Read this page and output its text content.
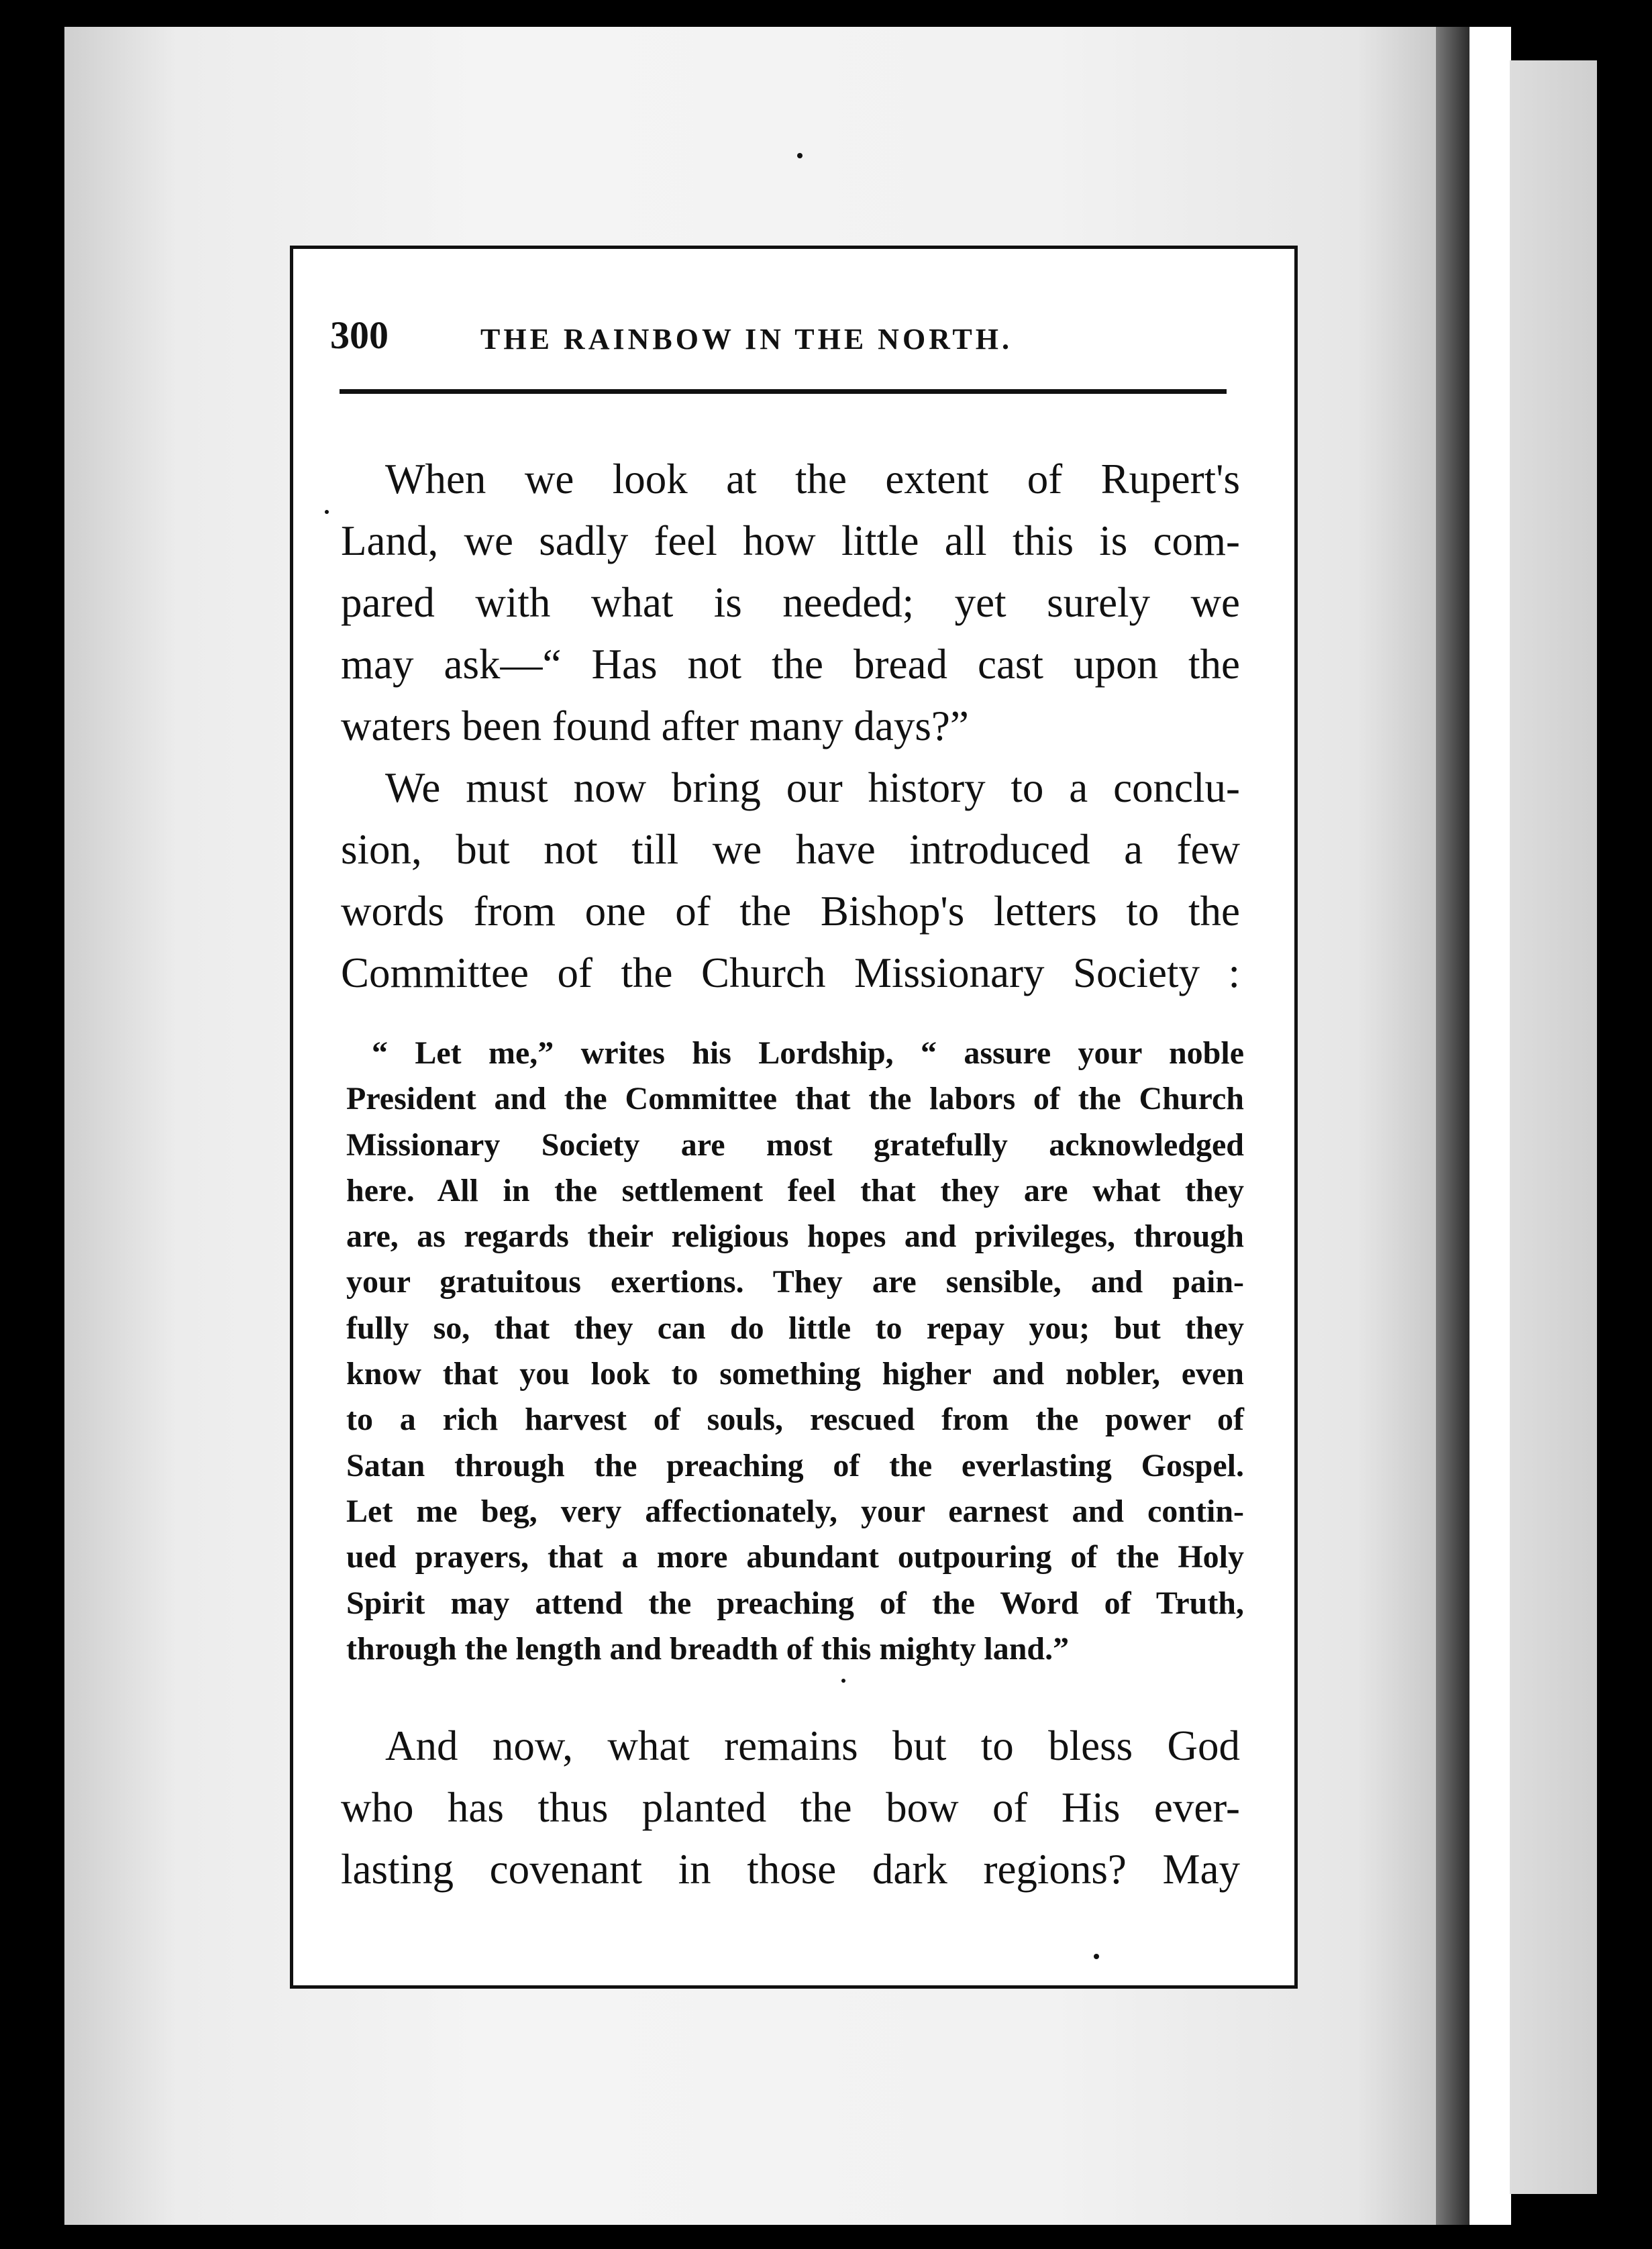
300	THE RAINBOW IN THE NORTH.
When we look at the extent of Rupert's
Land, we sadly feel how little all this is com-
pared with what is needed; yet surely we
may ask—“ Has not the bread cast upon the
waters been found after many days?”
We must now bring our history to a conclu-
sion, but not till we have introduced a few
words from one of the Bishop's letters to the
Committee of the Church Missionary Society :
“ Let me,” writes his Lordship, “ assure your noble
President and the Committee that the labors of the Church
Missionary Society are most gratefully acknowledged
here. All in the settlement feel that they are what they
are, as regards their religious hopes and privileges, through
your gratuitous exertions. They are sensible, and pain-
fully so, that they can do little to repay you; but they
know that you look to something higher and nobler, even
to a rich harvest of souls, rescued from the power of
Satan through the preaching of the everlasting Gospel.
Let me beg, very affectionately, your earnest and contin-
ued prayers, that a more abundant outpouring of the Holy
Spirit may attend the preaching of the Word of Truth,
through the length and breadth of this mighty land.”
And now, what remains but to bless God
who has thus planted the bow of His ever-
lasting covenant in those dark regions? May
